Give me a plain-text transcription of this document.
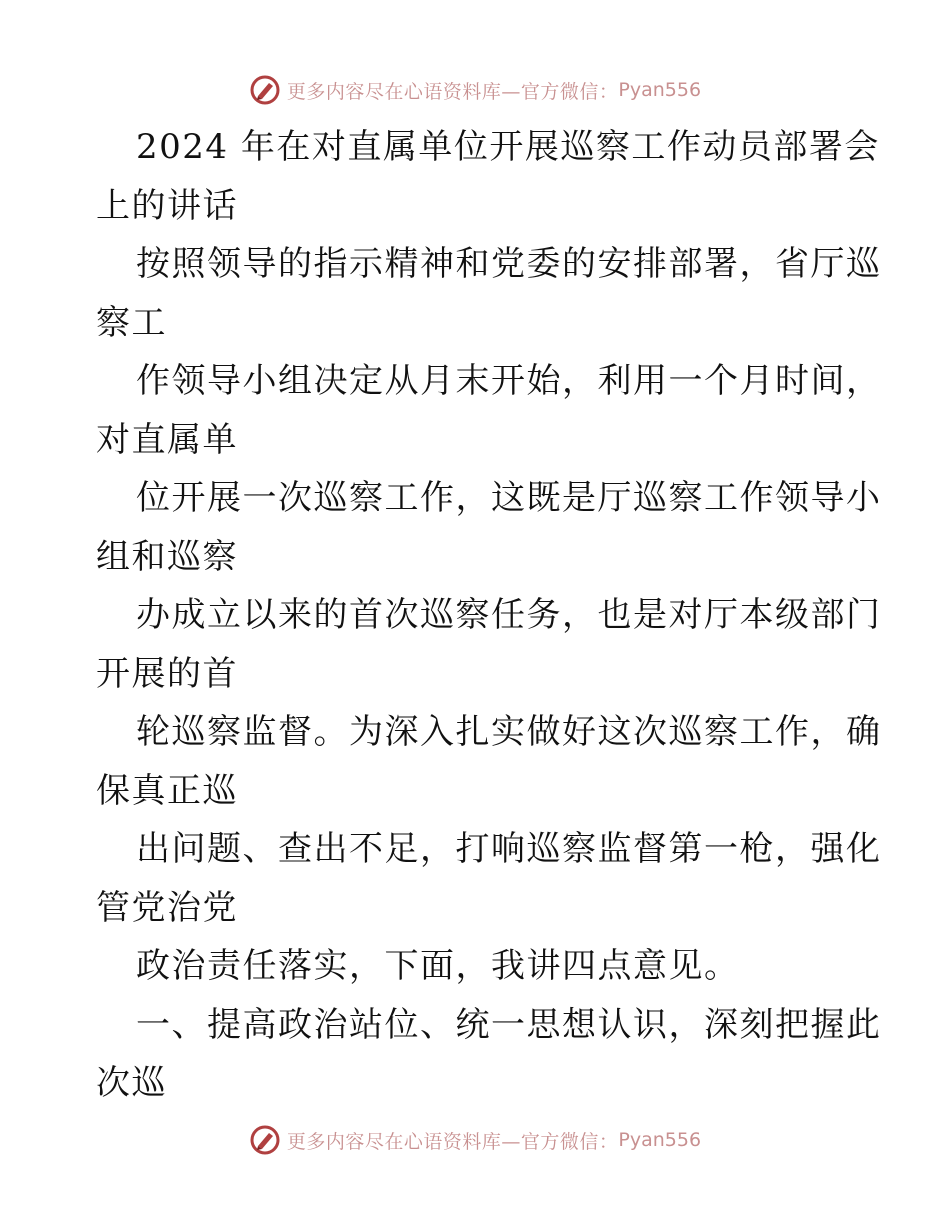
更多内容尽在心语资料库—官方微信： Pyan556
2024 年在对直属单位开展巡察工作动员部署会
上的讲话
按照领导的指示精神和党委的安排部署，省厅巡
察工
作领导小组决定从月末开始，利用一个月时间，
对直属单
位开展一次巡察工作，这既是厅巡察工作领导小
组和巡察
办成立以来的首次巡察任务，也是对厅本级部门
开展的首
轮巡察监督。为深入扎实做好这次巡察工作，确
保真正巡
出问题、查出不足，打响巡察监督第一枪，强化
管党治党
政治责任落实，下面，我讲四点意见。
一、提高政治站位、统一思想认识，深刻把握此
次巡
更多内容尽在心语资料库—官方微信： Pyan556
